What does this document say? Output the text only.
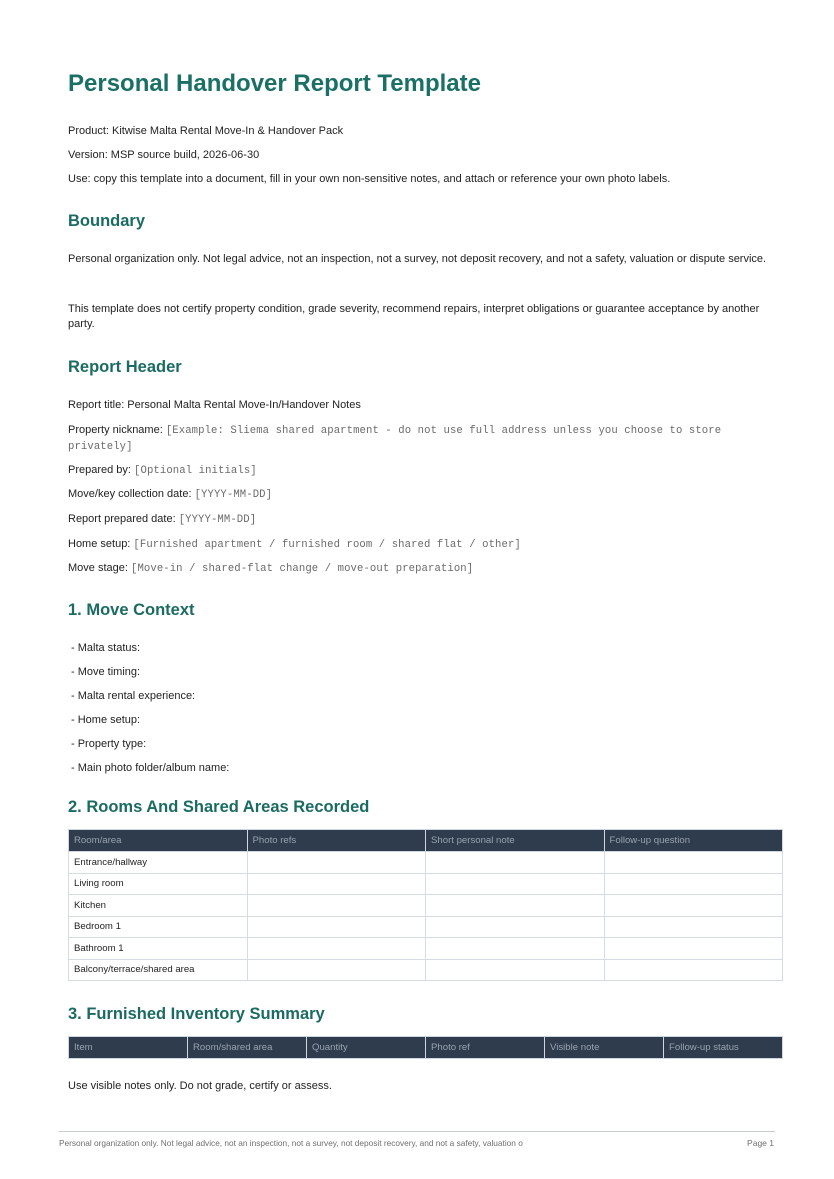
Personal Handover Report Template
Product: Kitwise Malta Rental Move-In & Handover Pack
Version: MSP source build, 2026-06-30
Use: copy this template into a document, fill in your own non-sensitive notes, and attach or reference your own photo labels.
Boundary

Personal organization only. Not legal advice, not an inspection, not a survey, not deposit recovery, and not a safety, valuation or dispute service.

This template does not certify property condition, grade severity, recommend repairs, interpret obligations or guarantee acceptance by another party.

Report Header
Report title: Personal Malta Rental Move-In/Handover Notes
Property nickname: [Example: Sliema shared apartment - do not use full address unless you choose to store privately]
Prepared by: [Optional initials]
Move/key collection date: [YYYY-MM-DD]
Report prepared date: [YYYY-MM-DD]
Home setup: [Furnished apartment / furnished room / shared flat / other]
Move stage: [Move-in / shared-flat change / move-out preparation]
1. Move Context
- Malta status:
- Move timing:
- Malta rental experience:
- Home setup:
- Property type:
- Main photo folder/album name:
2. Rooms And Shared Areas Recorded
Room/area	Photo refs	Short personal note	Follow-up question
Entrance/hallway			
Living room			
Kitchen			
Bedroom 1			
Bathroom 1			
Balcony/terrace/shared area			
3. Furnished Inventory Summary
Item	Room/shared area	Quantity	Photo ref	Visible note	Follow-up status

Use visible notes only. Do not grade, certify or assess.

Personal organization only. Not legal advice, not an inspection, not a survey, not deposit recovery, and not a safety, valuation o	Page 1
